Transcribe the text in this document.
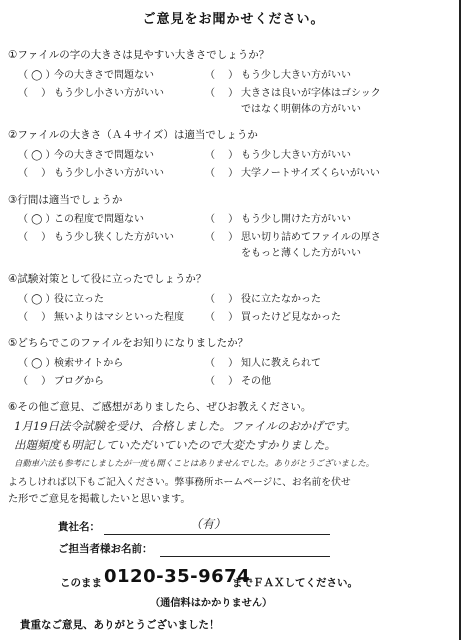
ご意見をお聞かせください。
①ファイルの字の大きさは見やすい大きさでしょうか？
（ ◯ ）今の大きさで問題ない	（　 ） もう少し大きい方がいい
（　 ） もう少し小さい方がいい	（　 ） 大きさは良いが字体はゴシック
ではなく明朝体の方がいい
②ファイルの大きさ（Ａ４サイズ）は適当でしょうか
（ ◯ ）今の大きさで問題ない	（　 ） もう少し大きい方がいい
（　 ） もう少し小さい方がいい	（　 ） 大学ノートサイズくらいがいい
③行間は適当でしょうか
（ ◯ ）この程度で問題ない	（　 ） もう少し開けた方がいい
（　 ） もう少し狭くした方がいい	（　 ） 思い切り詰めてファイルの厚さ
をもっと薄くした方がいい
④試験対策として役に立ったでしょうか？
（ ◯ ）役に立った	（　 ） 役に立たなかった
（　 ） 無いよりはマシといった程度 （　 ） 買ったけど見なかった
⑤どちらでこのファイルをお知りになりましたか？
（ ◯ ）検索サイトから	（　 ） 知人に教えられて
（　 ） ブログから	（　 ） その他
⑥その他ご意見、ご感想がありましたら、ぜひお教えください。
1月19日法令試験を受け、合格しました。ファイルのおかげです。
出題頻度も明記していただいていたので大変たすかりました。
自動車六法も参考にしましたが一度も開くことはありませんでした。ありがとうございました。
よろしければ以下もご記入ください。弊事務所ホームページに、お名前を伏せ
た形でご意見を掲載したいと思います。
貴社名：	（有）
ご担当者様お名前：
このまま 0120-35-9674
までＦＡＸしてください。
（通信料はかかりません）
貴重なご意見、ありがとうございました！
